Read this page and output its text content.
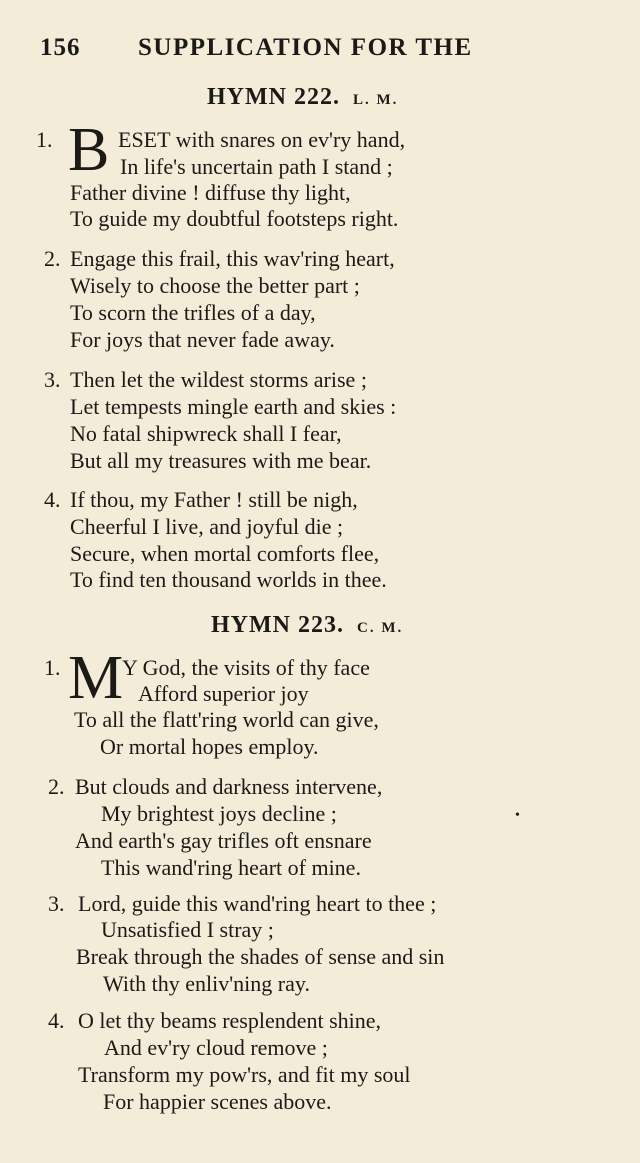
156 SUPPLICATION FOR THE
HYMN 222. L. M.
1. B ESET with snares on ev'ry hand,
In life's uncertain path I stand ;
Father divine ! diffuse thy light,
To guide my doubtful footsteps right.
2. Engage this frail, this wav'ring heart,
Wisely to choose the better part ;
To scorn the trifles of a day,
For joys that never fade away.
3. Then let the wildest storms arise ;
Let tempests mingle earth and skies :
No fatal shipwreck shall I fear,
But all my treasures with me bear.
4. If thou, my Father ! still be nigh,
Cheerful I live, and joyful die ;
Secure, when mortal comforts flee,
To find ten thousand worlds in thee.
HYMN 223. C. M.
1. M
Y God, the visits of thy face
Afford superior joy
To all the flatt'ring world can give,
Or mortal hopes employ.
2. But clouds and darkness intervene,
My brightest joys decline ;
And earth's gay trifles oft ensnare
This wand'ring heart of mine.
•
3. Lord, guide this wand'ring heart to thee ;
Unsatisfied I stray ;
Break through the shades of sense and sin
With thy enliv'ning ray.
4. O let thy beams resplendent shine,
And ev'ry cloud remove ;
Transform my pow'rs, and fit my soul
For happier scenes above.
